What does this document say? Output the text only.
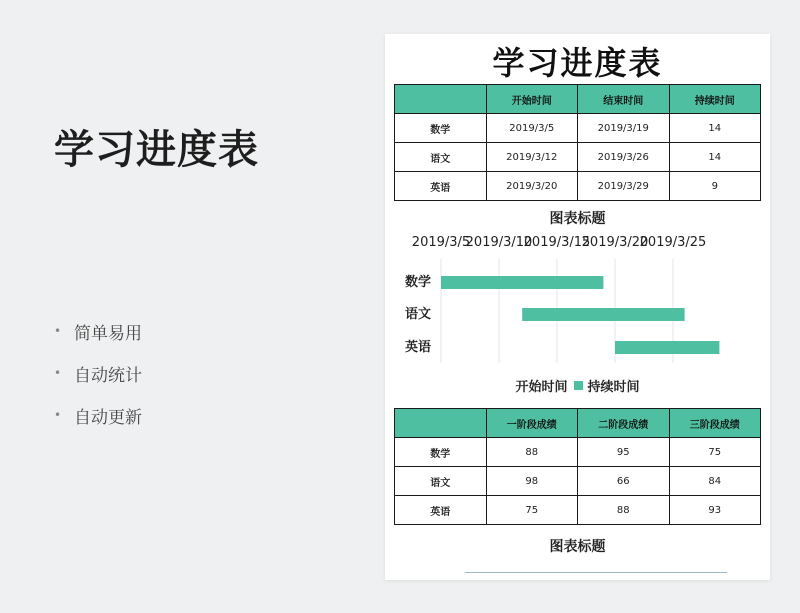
学习进度表
• 简单易用
• 自动统计
• 自动更新
学习进度表
	开始时间	结束时间	持续时间
数学	2019/3/5	2019/3/19	14
语文	2019/3/12	2019/3/26	14
英语	2019/3/20	2019/3/29	9
图表标题
2019/3/5
2019/3/10
2019/3/15
2019/3/20
2019/3/25
数学
语文
英语
开始时间 持续时间
	一阶段成绩	二阶段成绩	三阶段成绩
数学	88	95	75
语文	98	66	84
英语	75	88	93
图表标题
